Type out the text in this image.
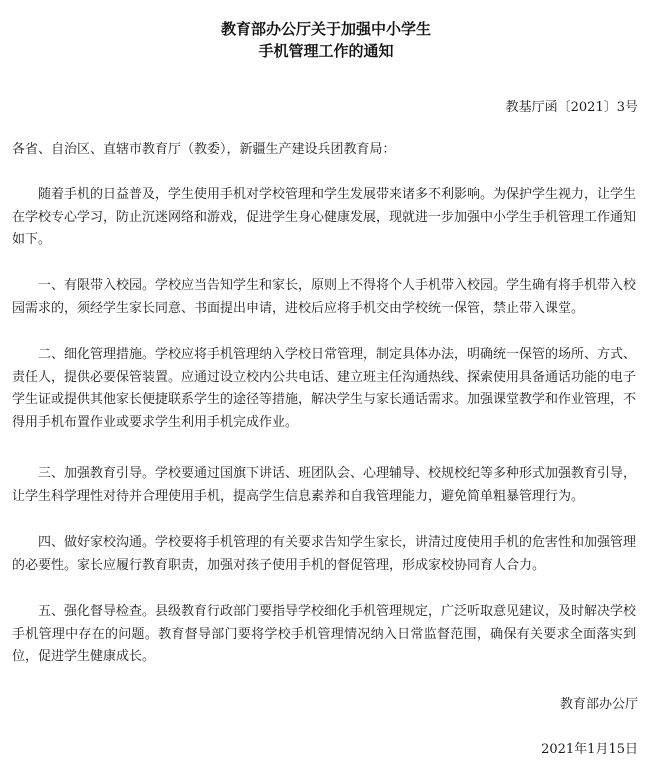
教育部办公厅关于加强中小学生
手机管理工作的通知
教基厅函〔2021〕3号
各省、自治区、直辖市教育厅（教委），新疆生产建设兵团教育局：

随着手机的日益普及，学生使用手机对学校管理和学生发展带来诸多不利影响。为保护学生视力，让学生在学校专心学习，防止沉迷网络和游戏，促进学生身心健康发展，现就进一步加强中小学生手机管理工作通知如下。

一、有限带入校园。学校应当告知学生和家长，原则上不得将个人手机带入校园。学生确有将手机带入校园需求的，须经学生家长同意、书面提出申请，进校后应将手机交由学校统一保管，禁止带入课堂。

二、细化管理措施。学校应将手机管理纳入学校日常管理，制定具体办法，明确统一保管的场所、方式、责任人，提供必要保管装置。应通过设立校内公共电话、建立班主任沟通热线、探索使用具备通话功能的电子学生证或提供其他家长便捷联系学生的途径等措施，解决学生与家长通话需求。加强课堂教学和作业管理，不得用手机布置作业或要求学生利用手机完成作业。

三、加强教育引导。学校要通过国旗下讲话、班团队会、心理辅导、校规校纪等多种形式加强教育引导，让学生科学理性对待并合理使用手机，提高学生信息素养和自我管理能力，避免简单粗暴管理行为。

四、做好家校沟通。学校要将手机管理的有关要求告知学生家长，讲清过度使用手机的危害性和加强管理的必要性。家长应履行教育职责，加强对孩子使用手机的督促管理，形成家校协同育人合力。

五、强化督导检查。县级教育行政部门要指导学校细化手机管理规定，广泛听取意见建议，及时解决学校手机管理中存在的问题。教育督导部门要将学校手机管理情况纳入日常监督范围，确保有关要求全面落实到位，促进学生健康成长。

教育部办公厅
2021年1月15日
